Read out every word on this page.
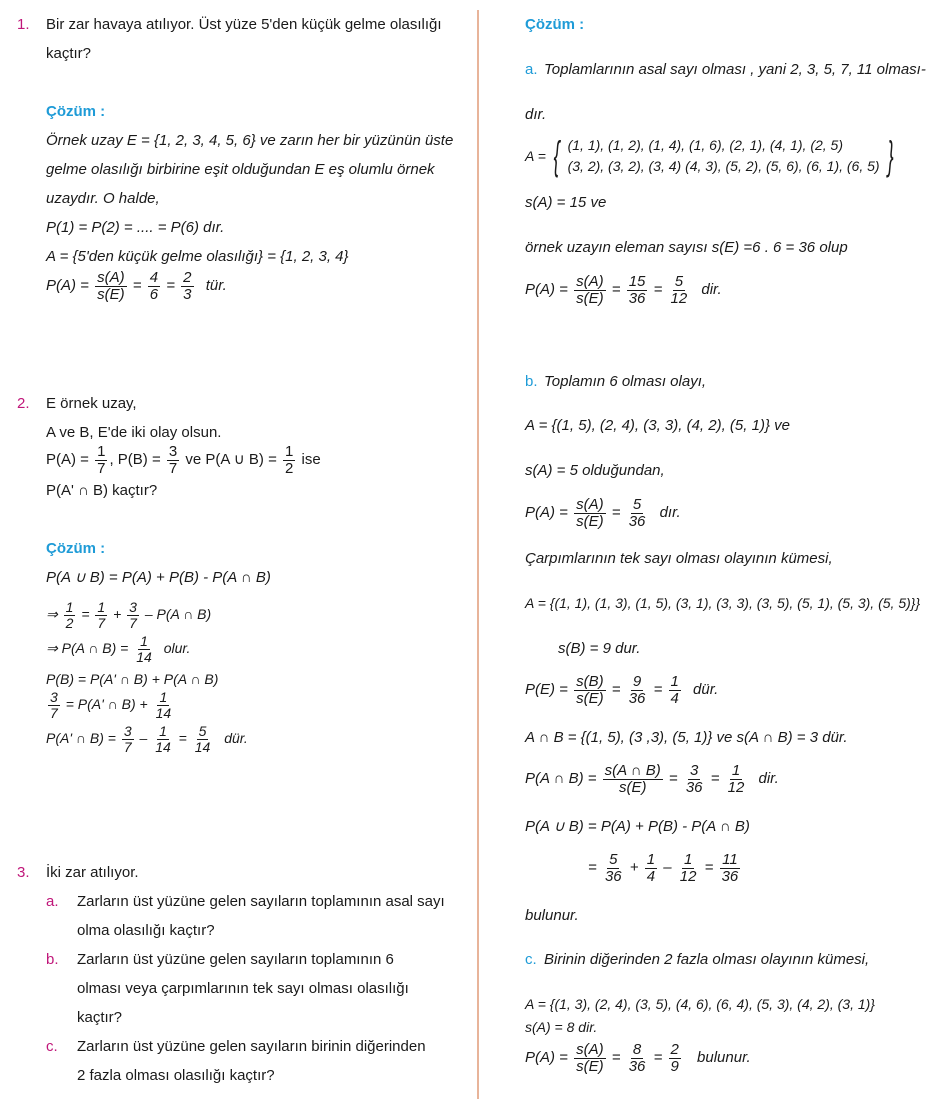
1. Bir zar havaya atılıyor. Üst yüze 5'den küçük gelme olasılığı
kaçtır?
Çözüm :
Örnek uzay E = {1, 2, 3, 4, 5, 6} ve zarın her bir yüzünün üste
gelme olasılığı birbirine eşit olduğundan E eş olumlu örnek
uzaydır. O halde,
P(1) = P(2) = .... = P(6) dır.
A = {5'den küçük gelme olasılığı} = {1, 2, 3, 4}
$P(A) = \frac{s(A)}{s(E)} = \frac{4}{6} = \frac{2}{3}$ tür.
2. E örnek uzay,
A ve B, E'de iki olay olsun.
$P(A) = \frac{1}{7}$ , $P(B) = \frac{3}{7}$ ve P(A ∪ $B) = \frac{1}{2}$ ise
P(A' ∩ B) kaçtır?
Çözüm :
P(A ∪ B) = P(A) + P(B) - P(A ∩ B)
⇒ $\frac{1}{2} = \frac{1}{7} + \frac{3}{7} - P(A$ ∩ B)
⇒ P(A ∩ $B) = \frac{1}{14}$ olur.
P(B) = P(A' ∩ B) + P(A ∩ B)
$\frac{3}{7} = P(A'$ ∩ $B) + \frac{1}{14}$
P(A' ∩ $B) = \frac{3}{7} - \frac{1}{14} = \frac{5}{14}$ dür.
3. İki zar atılıyor.
a. Zarların üst yüzüne gelen sayıların toplamının asal sayı
olma olasılığı kaçtır?
b. Zarların üst yüzüne gelen sayıların toplamının 6
olması veya çarpımlarının tek sayı olması olasılığı
kaçtır?
c. Zarların üst yüzüne gelen sayıların birinin diğerinden
2 fazla olması olasılığı kaçtır?
Çözüm :
a. Toplamlarının asal sayı olması , yani 2, 3, 5, 7, 11 olması-
dır.
A = { (1, 1), (1, 2), (1, 4), (1, 6), (2, 1), (4, 1), (2, 5)
(3, 2), (3, 2), (3, 4) (4, 3), (5, 2), (5, 6), (6, 1), (6, 5) }
s(A) = 15 ve
örnek uzayın eleman sayısı s(E) =6 . 6 = 36 olup
$P(A) = \frac{s(A)}{s(E)} = \frac{15}{36} = \frac{5}{12}$ dir.
b. Toplamın 6 olması olayı,
A = {(1, 5), (2, 4), (3, 3), (4, 2), (5, 1)} ve
s(A) = 5 olduğundan,
$P(A) = \frac{s(A)}{s(E)} = \frac{5}{36}$ dır.
Çarpımlarının tek sayı olması olayının kümesi,
A = {(1, 1), (1, 3), (1, 5), (3, 1), (3, 3), (3, 5), (5, 1), (5, 3), (5, 5)}}
s(B) = 9 dur.
$P(E) = \frac{s(B)}{s(E)} = \frac{9}{36} = \frac{1}{4}$ dür.
A ∩ B = {(1, 5), (3 ,3), (5, 1)} ve s(A ∩ B) = 3 dür.
P(A ∩ $B) = \frac{s(A \cap B)}{s(E)} = \frac{3}{36} = \frac{1}{12}$ dir.
P(A ∪ B) = P(A) + P(B) - P(A ∩ B)
= $\frac{5}{36} + \frac{1}{4} - \frac{1}{12} = \frac{11}{36}$
bulunur.
c. Birinin diğerinden 2 fazla olması olayının kümesi,
A = {(1, 3), (2, 4), (3, 5), (4, 6), (6, 4), (5, 3), (4, 2), (3, 1)}
s(A) = 8 dir.
$P(A) = \frac{s(A)}{s(E)} = \frac{8}{36} = \frac{2}{9}$ bulunur.
